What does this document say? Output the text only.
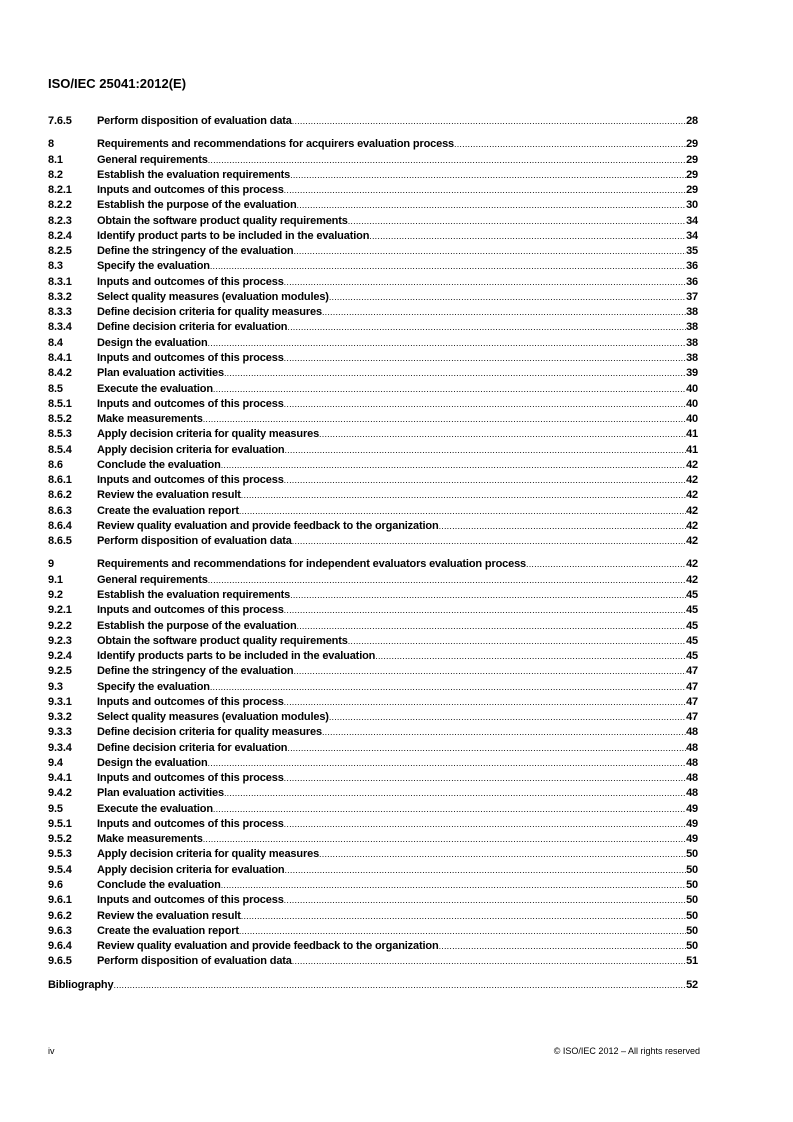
ISO/IEC 25041:2012(E)
7.6.5	Perform disposition of evaluation data .....	28
8	Requirements and recommendations for acquirers evaluation process .....	29
8.1	General requirements .....	29
8.2	Establish the evaluation requirements .....	29
8.2.1	Inputs and outcomes of this process .....	29
8.2.2	Establish the purpose of the evaluation .....	30
8.2.3	Obtain the software product quality requirements .....	34
8.2.4	Identify product parts to be included in the evaluation .....	34
8.2.5	Define the stringency of the evaluation .....	35
8.3	Specify the evaluation .....	36
8.3.1	Inputs and outcomes of this process .....	36
8.3.2	Select quality measures (evaluation modules) .....	37
8.3.3	Define decision criteria for quality measures .....	38
8.3.4	Define decision criteria for evaluation .....	38
8.4	Design the evaluation .....	38
8.4.1	Inputs and outcomes of this process .....	38
8.4.2	Plan evaluation activities .....	39
8.5	Execute the evaluation .....	40
8.5.1	Inputs and outcomes of this process .....	40
8.5.2	Make measurements .....	40
8.5.3	Apply decision criteria for quality measures .....	41
8.5.4	Apply decision criteria for evaluation .....	41
8.6	Conclude the evaluation .....	42
8.6.1	Inputs and outcomes of this process .....	42
8.6.2	Review the evaluation result .....	42
8.6.3	Create the evaluation report .....	42
8.6.4	Review quality evaluation and provide feedback to the organization .....	42
8.6.5	Perform disposition of evaluation data .....	42
9	Requirements and recommendations for independent evaluators evaluation process .....	42
9.1	General requirements .....	42
9.2	Establish the evaluation requirements .....	45
9.2.1	Inputs and outcomes of this process .....	45
9.2.2	Establish the purpose of the evaluation .....	45
9.2.3	Obtain the software product quality requirements .....	45
9.2.4	Identify products parts to be included in the evaluation .....	45
9.2.5	Define the stringency of the evaluation .....	47
9.3	Specify the evaluation .....	47
9.3.1	Inputs and outcomes of this process .....	47
9.3.2	Select quality measures (evaluation modules) .....	47
9.3.3	Define decision criteria for quality measures .....	48
9.3.4	Define decision criteria for evaluation .....	48
9.4	Design the evaluation .....	48
9.4.1	Inputs and outcomes of this process .....	48
9.4.2	Plan evaluation activities .....	48
9.5	Execute the evaluation .....	49
9.5.1	Inputs and outcomes of this process .....	49
9.5.2	Make measurements .....	49
9.5.3	Apply decision criteria for quality measures .....	50
9.5.4	Apply decision criteria for evaluation .....	50
9.6	Conclude the evaluation .....	50
9.6.1	Inputs and outcomes of this process .....	50
9.6.2	Review the evaluation result .....	50
9.6.3	Create the evaluation report .....	50
9.6.4	Review quality evaluation and provide feedback to the organization .....	50
9.6.5	Perform disposition of evaluation data .....	51
Bibliography .....	52
iv	© ISO/IEC 2012 – All rights reserved
